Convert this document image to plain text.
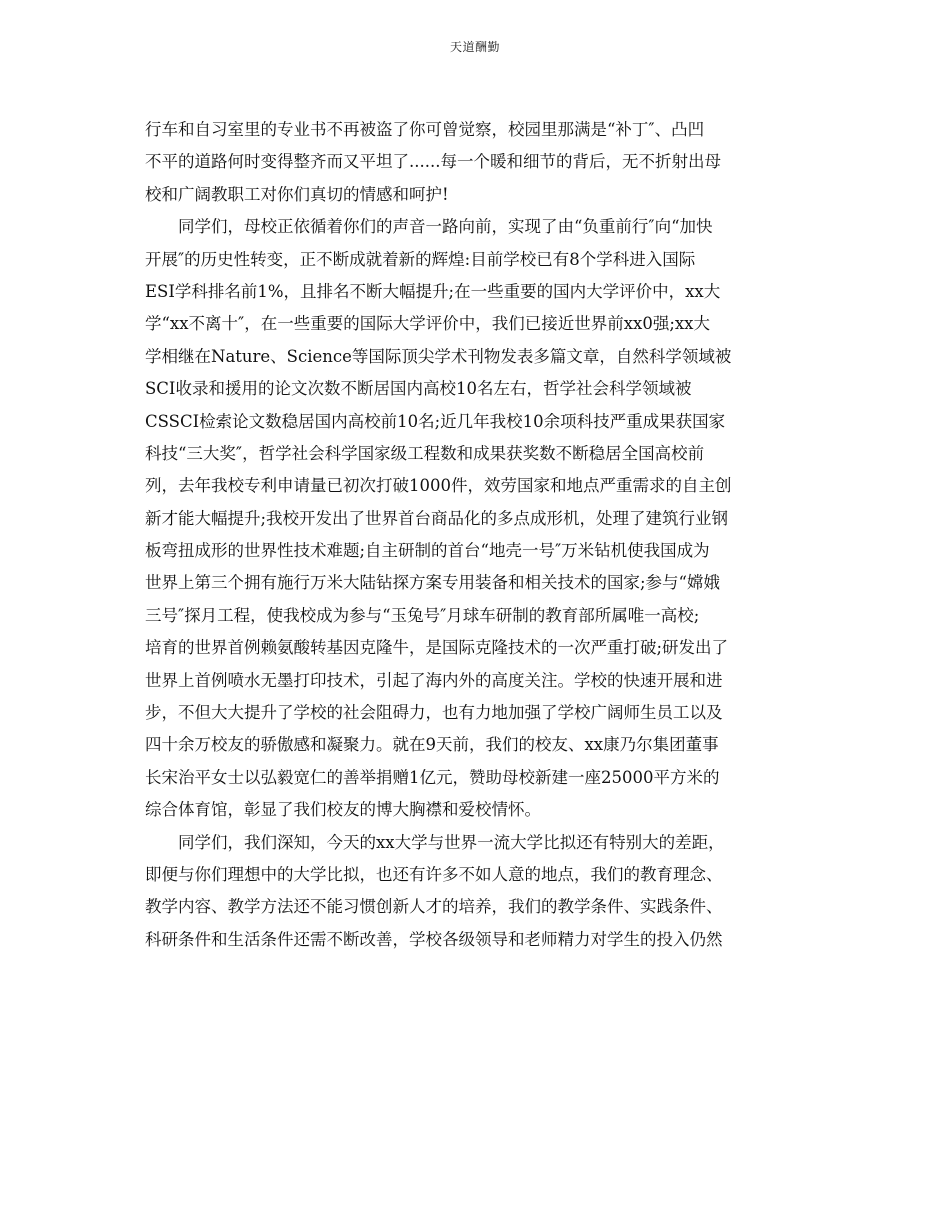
天道酬勤
行车和自习室里的专业书不再被盗了你可曾觉察，校园里那满是“补丁″、凸凹
不平的道路何时变得整齐而又平坦了......每一个暖和细节的背后，无不折射出母
校和广阔教职工对你们真切的情感和呵护!
同学们，母校正依循着你们的声音一路向前，实现了由“负重前行″向“加快
开展″的历史性转变，正不断成就着新的辉煌:目前学校已有8个学科进入国际
ESI学科排名前1%，且排名不断大幅提升;在一些重要的国内大学评价中，xx大
学“xx不离十″，在一些重要的国际大学评价中，我们已接近世界前xx0强;xx大
学相继在Nature、Science等国际顶尖学术刊物发表多篇文章，自然科学领域被
SCI收录和援用的论文次数不断居国内高校10名左右，哲学社会科学领域被
CSSCI检索论文数稳居国内高校前10名;近几年我校10余项科技严重成果获国家
科技“三大奖″，哲学社会科学国家级工程数和成果获奖数不断稳居全国高校前
列，去年我校专利申请量已初次打破1000件，效劳国家和地点严重需求的自主创
新才能大幅提升;我校开发出了世界首台商品化的多点成形机，处理了建筑行业钢
板弯扭成形的世界性技术难题;自主研制的首台“地壳一号″万米钻机使我国成为
世界上第三个拥有施行万米大陆钻探方案专用装备和相关技术的国家;参与“嫦娥
三号″探月工程，使我校成为参与“玉兔号″月球车研制的教育部所属唯一高校;
培育的世界首例赖氨酸转基因克隆牛，是国际克隆技术的一次严重打破;研发出了
世界上首例喷水无墨打印技术，引起了海内外的高度关注。学校的快速开展和进
步，不但大大提升了学校的社会阻碍力，也有力地加强了学校广阔师生员工以及
四十余万校友的骄傲感和凝聚力。就在9天前，我们的校友、xx康乃尔集团董事
长宋治平女士以弘毅宽仁的善举捐赠1亿元，赞助母校新建一座25000平方米的
综合体育馆，彰显了我们校友的博大胸襟和爱校情怀。
同学们，我们深知，今天的xx大学与世界一流大学比拟还有特别大的差距，
即便与你们理想中的大学比拟，也还有许多不如人意的地点，我们的教育理念、
教学内容、教学方法还不能习惯创新人才的培养，我们的教学条件、实践条件、
科研条件和生活条件还需不断改善，学校各级领导和老师精力对学生的投入仍然
